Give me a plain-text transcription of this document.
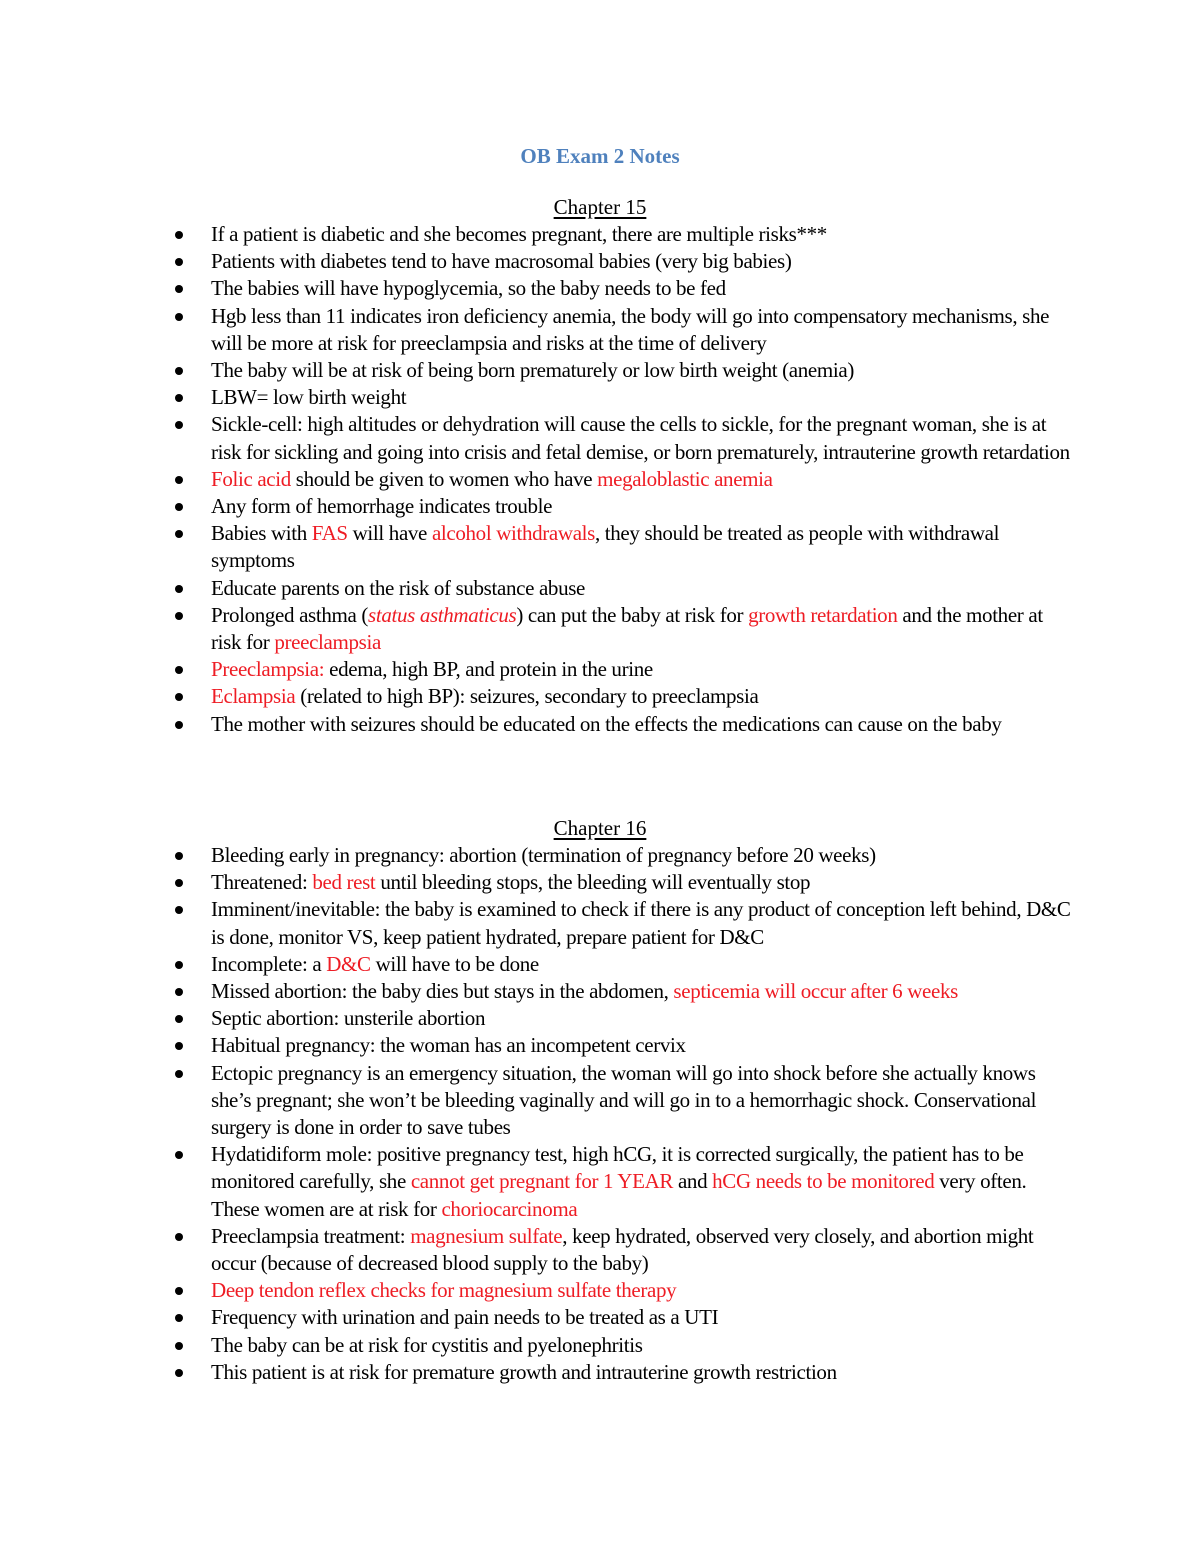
OB Exam 2 Notes
Chapter 15
If a patient is diabetic and she becomes pregnant, there are multiple risks***
Patients with diabetes tend to have macrosomal babies (very big babies)
The babies will have hypoglycemia, so the baby needs to be fed
Hgb less than 11 indicates iron deficiency anemia, the body will go into compensatory mechanisms, she will be more at risk for preeclampsia and risks at the time of delivery
The baby will be at risk of being born prematurely or low birth weight (anemia)
LBW= low birth weight
Sickle-cell: high altitudes or dehydration will cause the cells to sickle, for the pregnant woman, she is at risk for sickling and going into crisis and fetal demise, or born prematurely, intrauterine growth retardation
Folic acid should be given to women who have megaloblastic anemia
Any form of hemorrhage indicates trouble
Babies with FAS will have alcohol withdrawals, they should be treated as people with withdrawal symptoms
Educate parents on the risk of substance abuse
Prolonged asthma (status asthmaticus) can put the baby at risk for growth retardation and the mother at risk for preeclampsia
Preeclampsia: edema, high BP, and protein in the urine
Eclampsia (related to high BP): seizures, secondary to preeclampsia
The mother with seizures should be educated on the effects the medications can cause on the baby
Chapter 16
Bleeding early in pregnancy: abortion (termination of pregnancy before 20 weeks)
Threatened: bed rest until bleeding stops, the bleeding will eventually stop
Imminent/inevitable: the baby is examined to check if there is any product of conception left behind, D&C is done, monitor VS, keep patient hydrated, prepare patient for D&C
Incomplete: a D&C will have to be done
Missed abortion: the baby dies but stays in the abdomen, septicemia will occur after 6 weeks
Septic abortion: unsterile abortion
Habitual pregnancy: the woman has an incompetent cervix
Ectopic pregnancy is an emergency situation, the woman will go into shock before she actually knows she’s pregnant; she won’t be bleeding vaginally and will go in to a hemorrhagic shock. Conservational surgery is done in order to save tubes
Hydatidiform mole: positive pregnancy test, high hCG, it is corrected surgically, the patient has to be monitored carefully, she cannot get pregnant for 1 YEAR and hCG needs to be monitored very often. These women are at risk for choriocarcinoma
Preeclampsia treatment: magnesium sulfate, keep hydrated, observed very closely, and abortion might occur (because of decreased blood supply to the baby)
Deep tendon reflex checks for magnesium sulfate therapy
Frequency with urination and pain needs to be treated as a UTI
The baby can be at risk for cystitis and pyelonephritis
This patient is at risk for premature growth and intrauterine growth restriction
